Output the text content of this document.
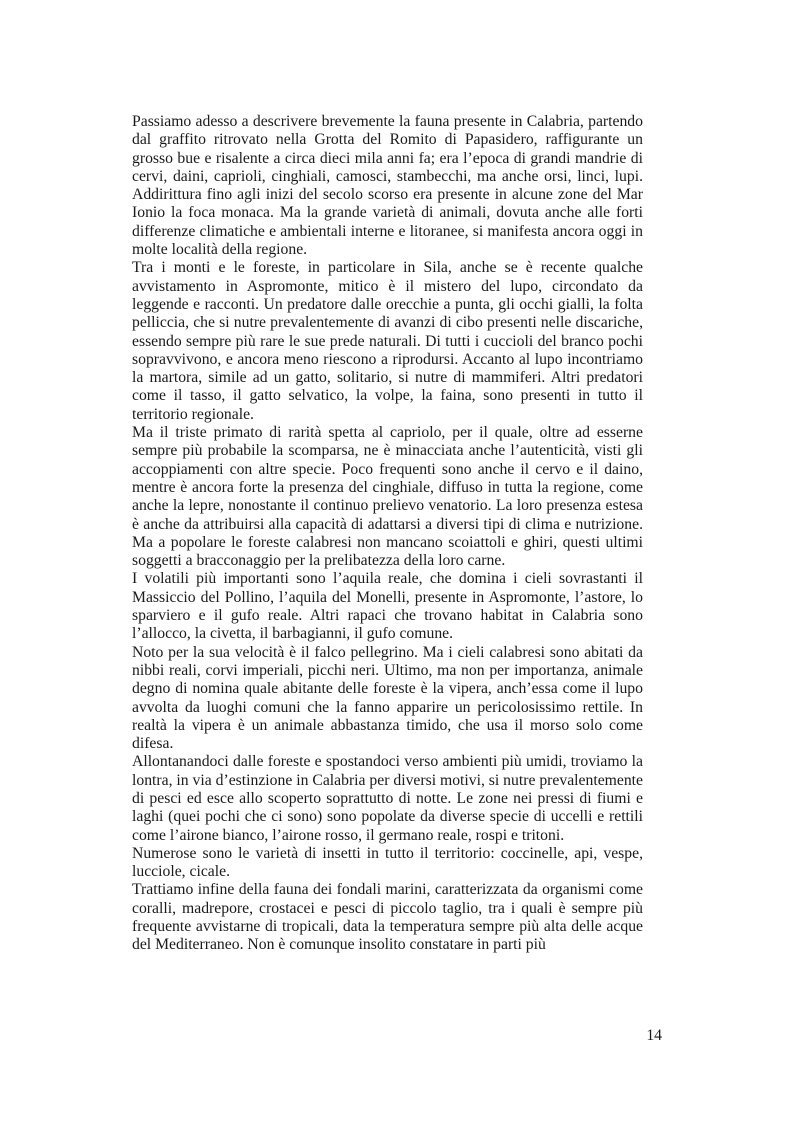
Passiamo adesso a descrivere brevemente la fauna presente in Calabria, partendo dal graffito ritrovato nella Grotta del Romito di Papasidero, raffigurante un grosso bue e risalente a circa dieci mila anni fa; era l’epoca di grandi mandrie di cervi, daini, caprioli, cinghiali, camosci, stambecchi, ma anche orsi, linci, lupi. Addirittura fino agli inizi del secolo scorso era presente in alcune zone del Mar Ionio la foca monaca. Ma la grande varietà di animali, dovuta anche alle forti differenze climatiche e ambientali interne e litoranee, si manifesta ancora oggi in molte località della regione.

Tra i monti e le foreste, in particolare in Sila, anche se è recente qualche avvistamento in Aspromonte, mitico è il mistero del lupo, circondato da leggende e racconti. Un predatore dalle orecchie a punta, gli occhi gialli, la folta pelliccia, che si nutre prevalentemente di avanzi di cibo presenti nelle discariche, essendo sempre più rare le sue prede naturali. Di tutti i cuccioli del branco pochi sopravvivono, e ancora meno riescono a riprodursi. Accanto al lupo incontriamo la martora, simile ad un gatto, solitario, si nutre di mammiferi. Altri predatori come il tasso, il gatto selvatico, la volpe, la faina, sono presenti in tutto il territorio regionale.

Ma il triste primato di rarità spetta al capriolo, per il quale, oltre ad esserne sempre più probabile la scomparsa, ne è minacciata anche l’autenticità, visti gli accoppiamenti con altre specie. Poco frequenti sono anche il cervo e il daino, mentre è ancora forte la presenza del cinghiale, diffuso in tutta la regione, come anche la lepre, nonostante il continuo prelievo venatorio. La loro presenza estesa è anche da attribuirsi alla capacità di adattarsi a diversi tipi di clima e nutrizione. Ma a popolare le foreste calabresi non mancano scoiattoli e ghiri, questi ultimi soggetti a bracconaggio per la prelibatezza della loro carne.

I volatili più importanti sono l’aquila reale, che domina i cieli sovrastanti il Massiccio del Pollino, l’aquila del Monelli, presente in Aspromonte, l’astore, lo sparviero e il gufo reale. Altri rapaci che trovano habitat in Calabria sono l’allocco, la civetta, il barbagianni, il gufo comune.

Noto per la sua velocità è il falco pellegrino. Ma i cieli calabresi sono abitati da nibbi reali, corvi imperiali, picchi neri. Ultimo, ma non per importanza, animale degno di nomina quale abitante delle foreste è la vipera, anch’essa come il lupo avvolta da luoghi comuni che la fanno apparire un pericolosissimo rettile. In realtà la vipera è un animale abbastanza timido, che usa il morso solo come difesa.

Allontanandoci dalle foreste e spostandoci verso ambienti più umidi, troviamo la lontra, in via d’estinzione in Calabria per diversi motivi, si nutre prevalentemente di pesci ed esce allo scoperto soprattutto di notte. Le zone nei pressi di fiumi e laghi (quei pochi che ci sono) sono popolate da diverse specie di uccelli e rettili come l’airone bianco, l’airone rosso, il germano reale, rospi e tritoni.

Numerose sono le varietà di insetti in tutto il territorio: coccinelle, api, vespe, lucciole, cicale.

Trattiamo infine della fauna dei fondali marini, caratterizzata da organismi come coralli, madrepore, crostacei e pesci di piccolo taglio, tra i quali è sempre più frequente avvistarne di tropicali, data la temperatura sempre più alta delle acque del Mediterraneo. Non è comunque insolito constatare in parti più

14
